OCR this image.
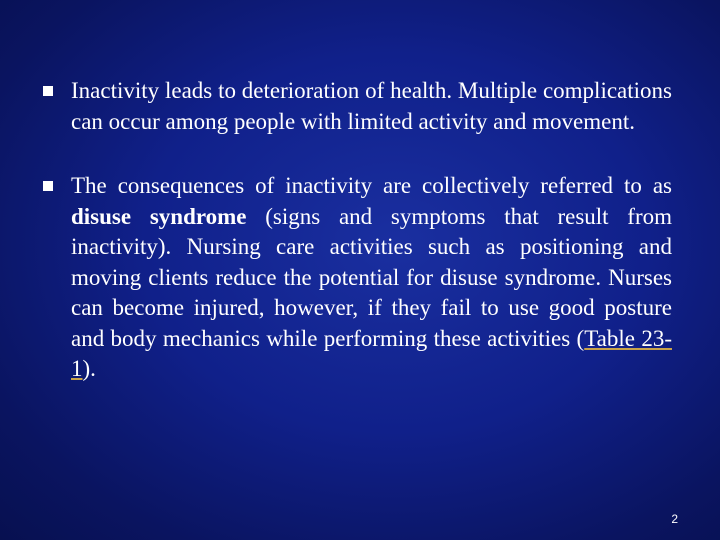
Inactivity leads to deterioration of health. Multiple complications can occur among people with limited activity and movement.
The consequences of inactivity are collectively referred to as disuse syndrome (signs and symptoms that result from inactivity). Nursing care activities such as positioning and moving clients reduce the potential for disuse syndrome. Nurses can become injured, however, if they fail to use good posture and body mechanics while performing these activities (Table 23-1).
2
